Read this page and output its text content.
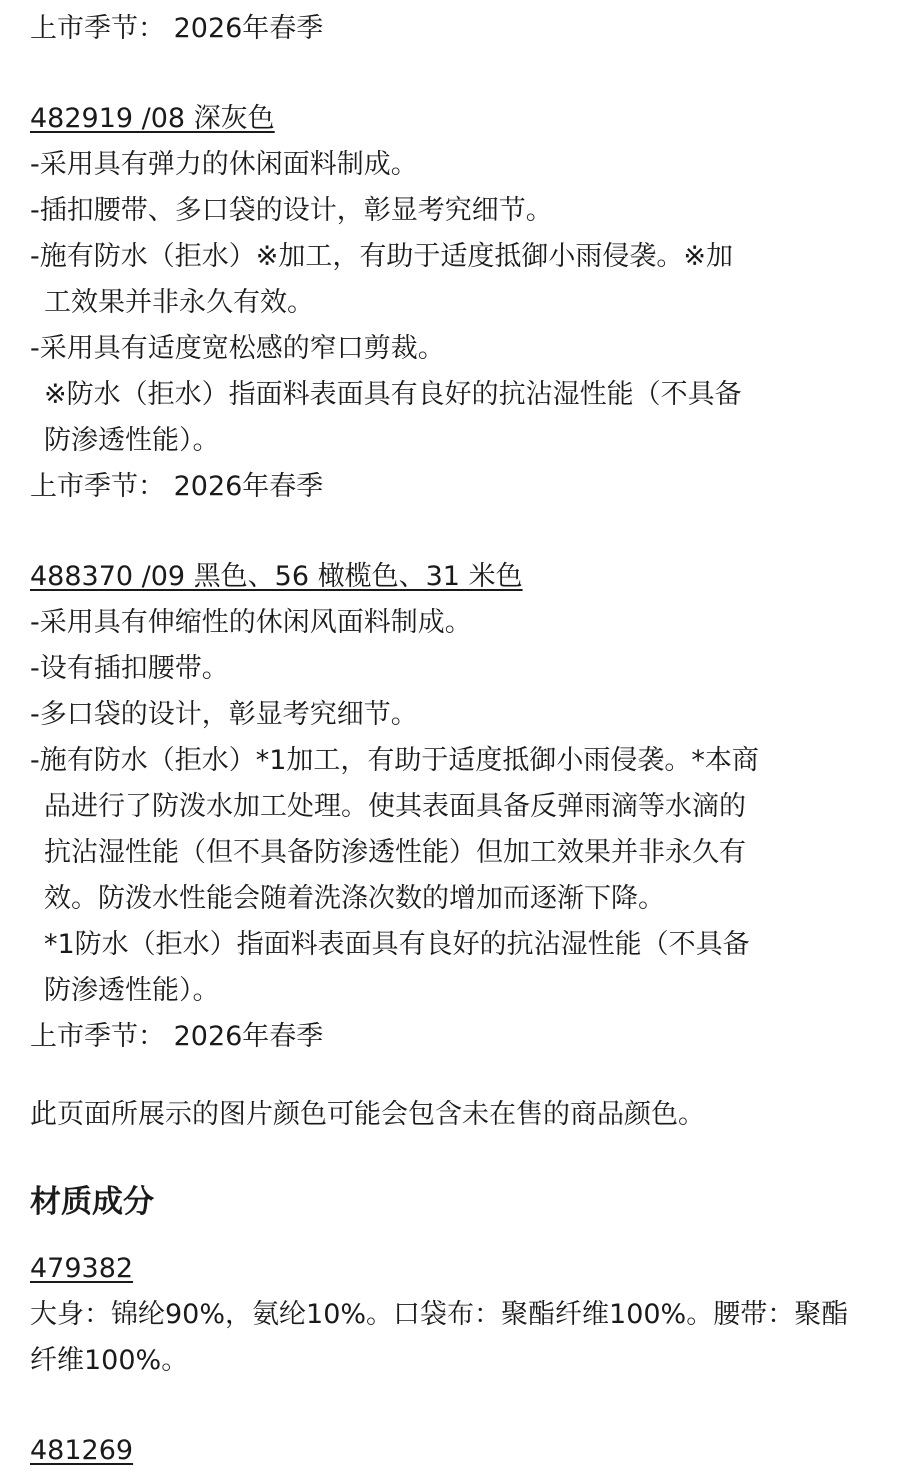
上市季节： 2026年春季
482919 /08 深灰色
-采用具有弹力的休闲面料制成。
-插扣腰带、多口袋的设计，彰显考究细节。
-施有防水（拒水）※加工，有助于适度抵御小雨侵袭。※加
工效果并非永久有效。
-采用具有适度宽松感的窄口剪裁。
※防水（拒水）指面料表面具有良好的抗沾湿性能（不具备
防渗透性能）。
上市季节： 2026年春季
488370 /09 黑色、56 橄榄色、31 米色
-采用具有伸缩性的休闲风面料制成。
-设有插扣腰带。
-多口袋的设计，彰显考究细节。
-施有防水（拒水）*1加工，有助于适度抵御小雨侵袭。*本商
品进行了防泼水加工处理。使其表面具备反弹雨滴等水滴的
抗沾湿性能（但不具备防渗透性能）但加工效果并非永久有
效。防泼水性能会随着洗涤次数的增加而逐渐下降。
*1防水（拒水）指面料表面具有良好的抗沾湿性能（不具备
防渗透性能）。
上市季节： 2026年春季
此页面所展示的图片颜色可能会包含未在售的商品颜色。
材质成分
479382
大身：锦纶90%，氨纶10%。口袋布：聚酯纤维100%。腰带：聚酯纤维100%。
481269
